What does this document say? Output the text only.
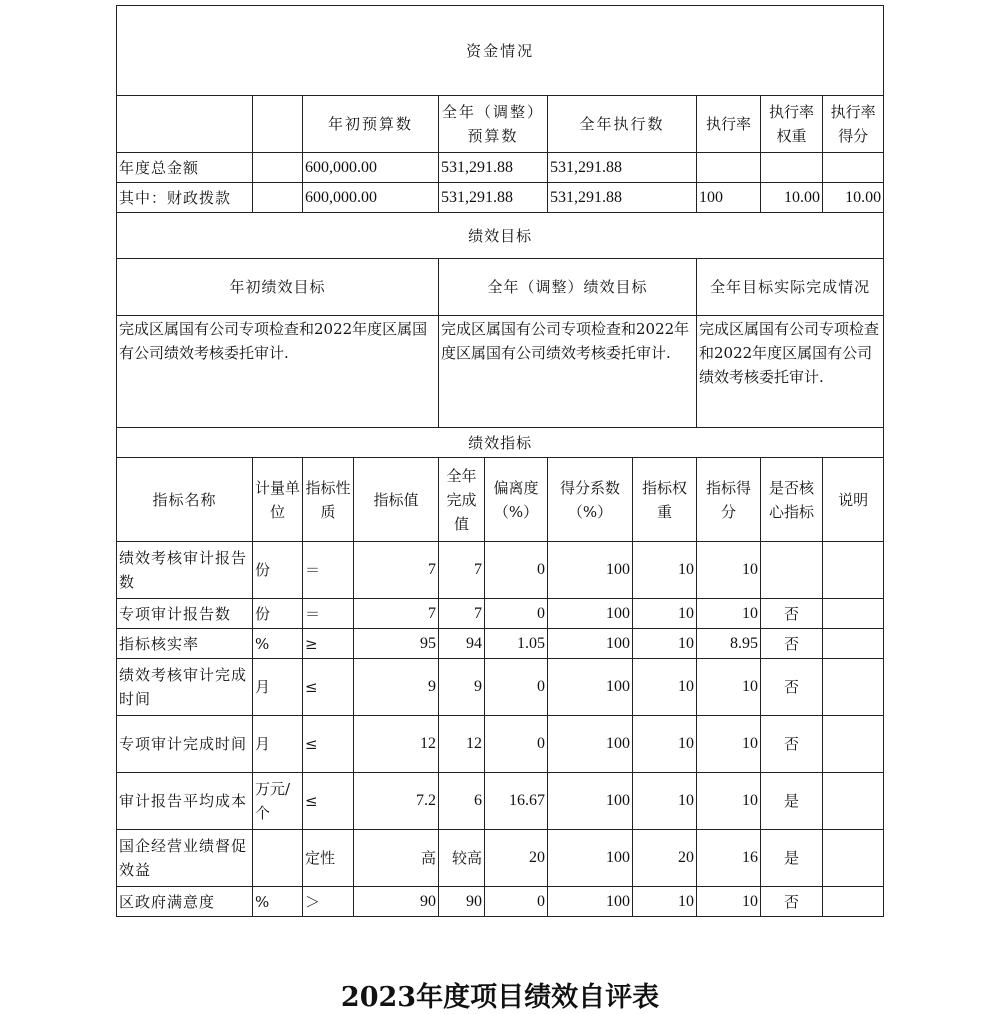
资金情况										
		年初预算数		全年（调整）预算数		全年执行数		执行率	执行率权重	执行率得分
年度总金额		600,000.00		531,291.88		531,291.88				
其中：财政拨款		600,000.00		531,291.88		531,291.88		100	10.00	10.00
绩效目标										
年初绩效目标				全年（调整）绩效目标				全年目标实际完成情况		
完成区属国有公司专项检查和2022年度区属国有公司绩效考核委托审计.				完成区属国有公司专项检查和2022年度区属国有公司绩效考核委托审计.				完成区属国有公司专项检查和2022年度区属国有公司绩效考核委托审计.		
绩效指标										
指标名称	计量单位	指标性质	指标值	全年完成值	偏离度（%）	得分系数（%）	指标权重	指标得分	是否核心指标	说明
绩效考核审计报告数	份	＝	7	7	0	100	10	10		
专项审计报告数	份	＝	7	7	0	100	10	10	否	
指标核实率	%	≥	95	94	1.05	100	10	8.95	否	
绩效考核审计完成时间	月	≤	9	9	0	100	10	10	否	
专项审计完成时间	月	≤	12	12	0	100	10	10	否	
审计报告平均成本	万元/个	≤	7.2	6	16.67	100	10	10	是	
国企经营业绩督促效益		定性	高	较高	20	100	20	16	是	
区政府满意度	%	＞	90	90	0	100	10	10	否	
2023年度项目绩效自评表
